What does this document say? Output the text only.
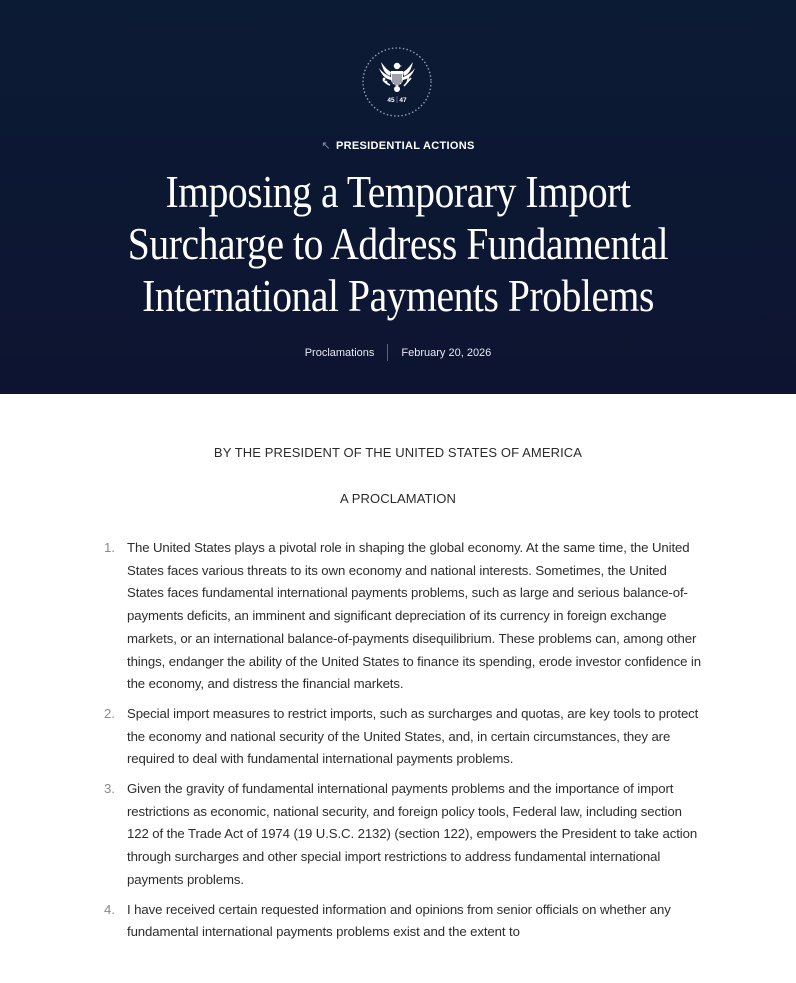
45 47
↖ PRESIDENTIAL ACTIONS
Imposing a Temporary Import
Surcharge to Address Fundamental
International Payments Problems
Proclamations	February 20, 2026

BY THE PRESIDENT OF THE UNITED STATES OF AMERICA

A PROCLAMATION

1. The United States plays a pivotal role in shaping the global economy. At the same time, the United States faces various threats to its own economy and national interests. Sometimes, the United States faces fundamental international payments problems, such as large and serious balance-of-payments deficits, an imminent and significant depreciation of its currency in foreign exchange markets, or an international balance-of-payments disequilibrium. These problems can, among other things, endanger the ability of the United States to finance its spending, erode investor confidence in the economy, and distress the financial markets.
2. Special import measures to restrict imports, such as surcharges and quotas, are key tools to protect the economy and national security of the United States, and, in certain circumstances, they are required to deal with fundamental international payments problems.
3. Given the gravity of fundamental international payments problems and the importance of import restrictions as economic, national security, and foreign policy tools, Federal law, including section 122 of the Trade Act of 1974 (19 U.S.C. 2132) (section 122), empowers the President to take action through surcharges and other special import restrictions to address fundamental international payments problems.
4. I have received certain requested information and opinions from senior officials on whether any fundamental international payments problems exist and the extent to
